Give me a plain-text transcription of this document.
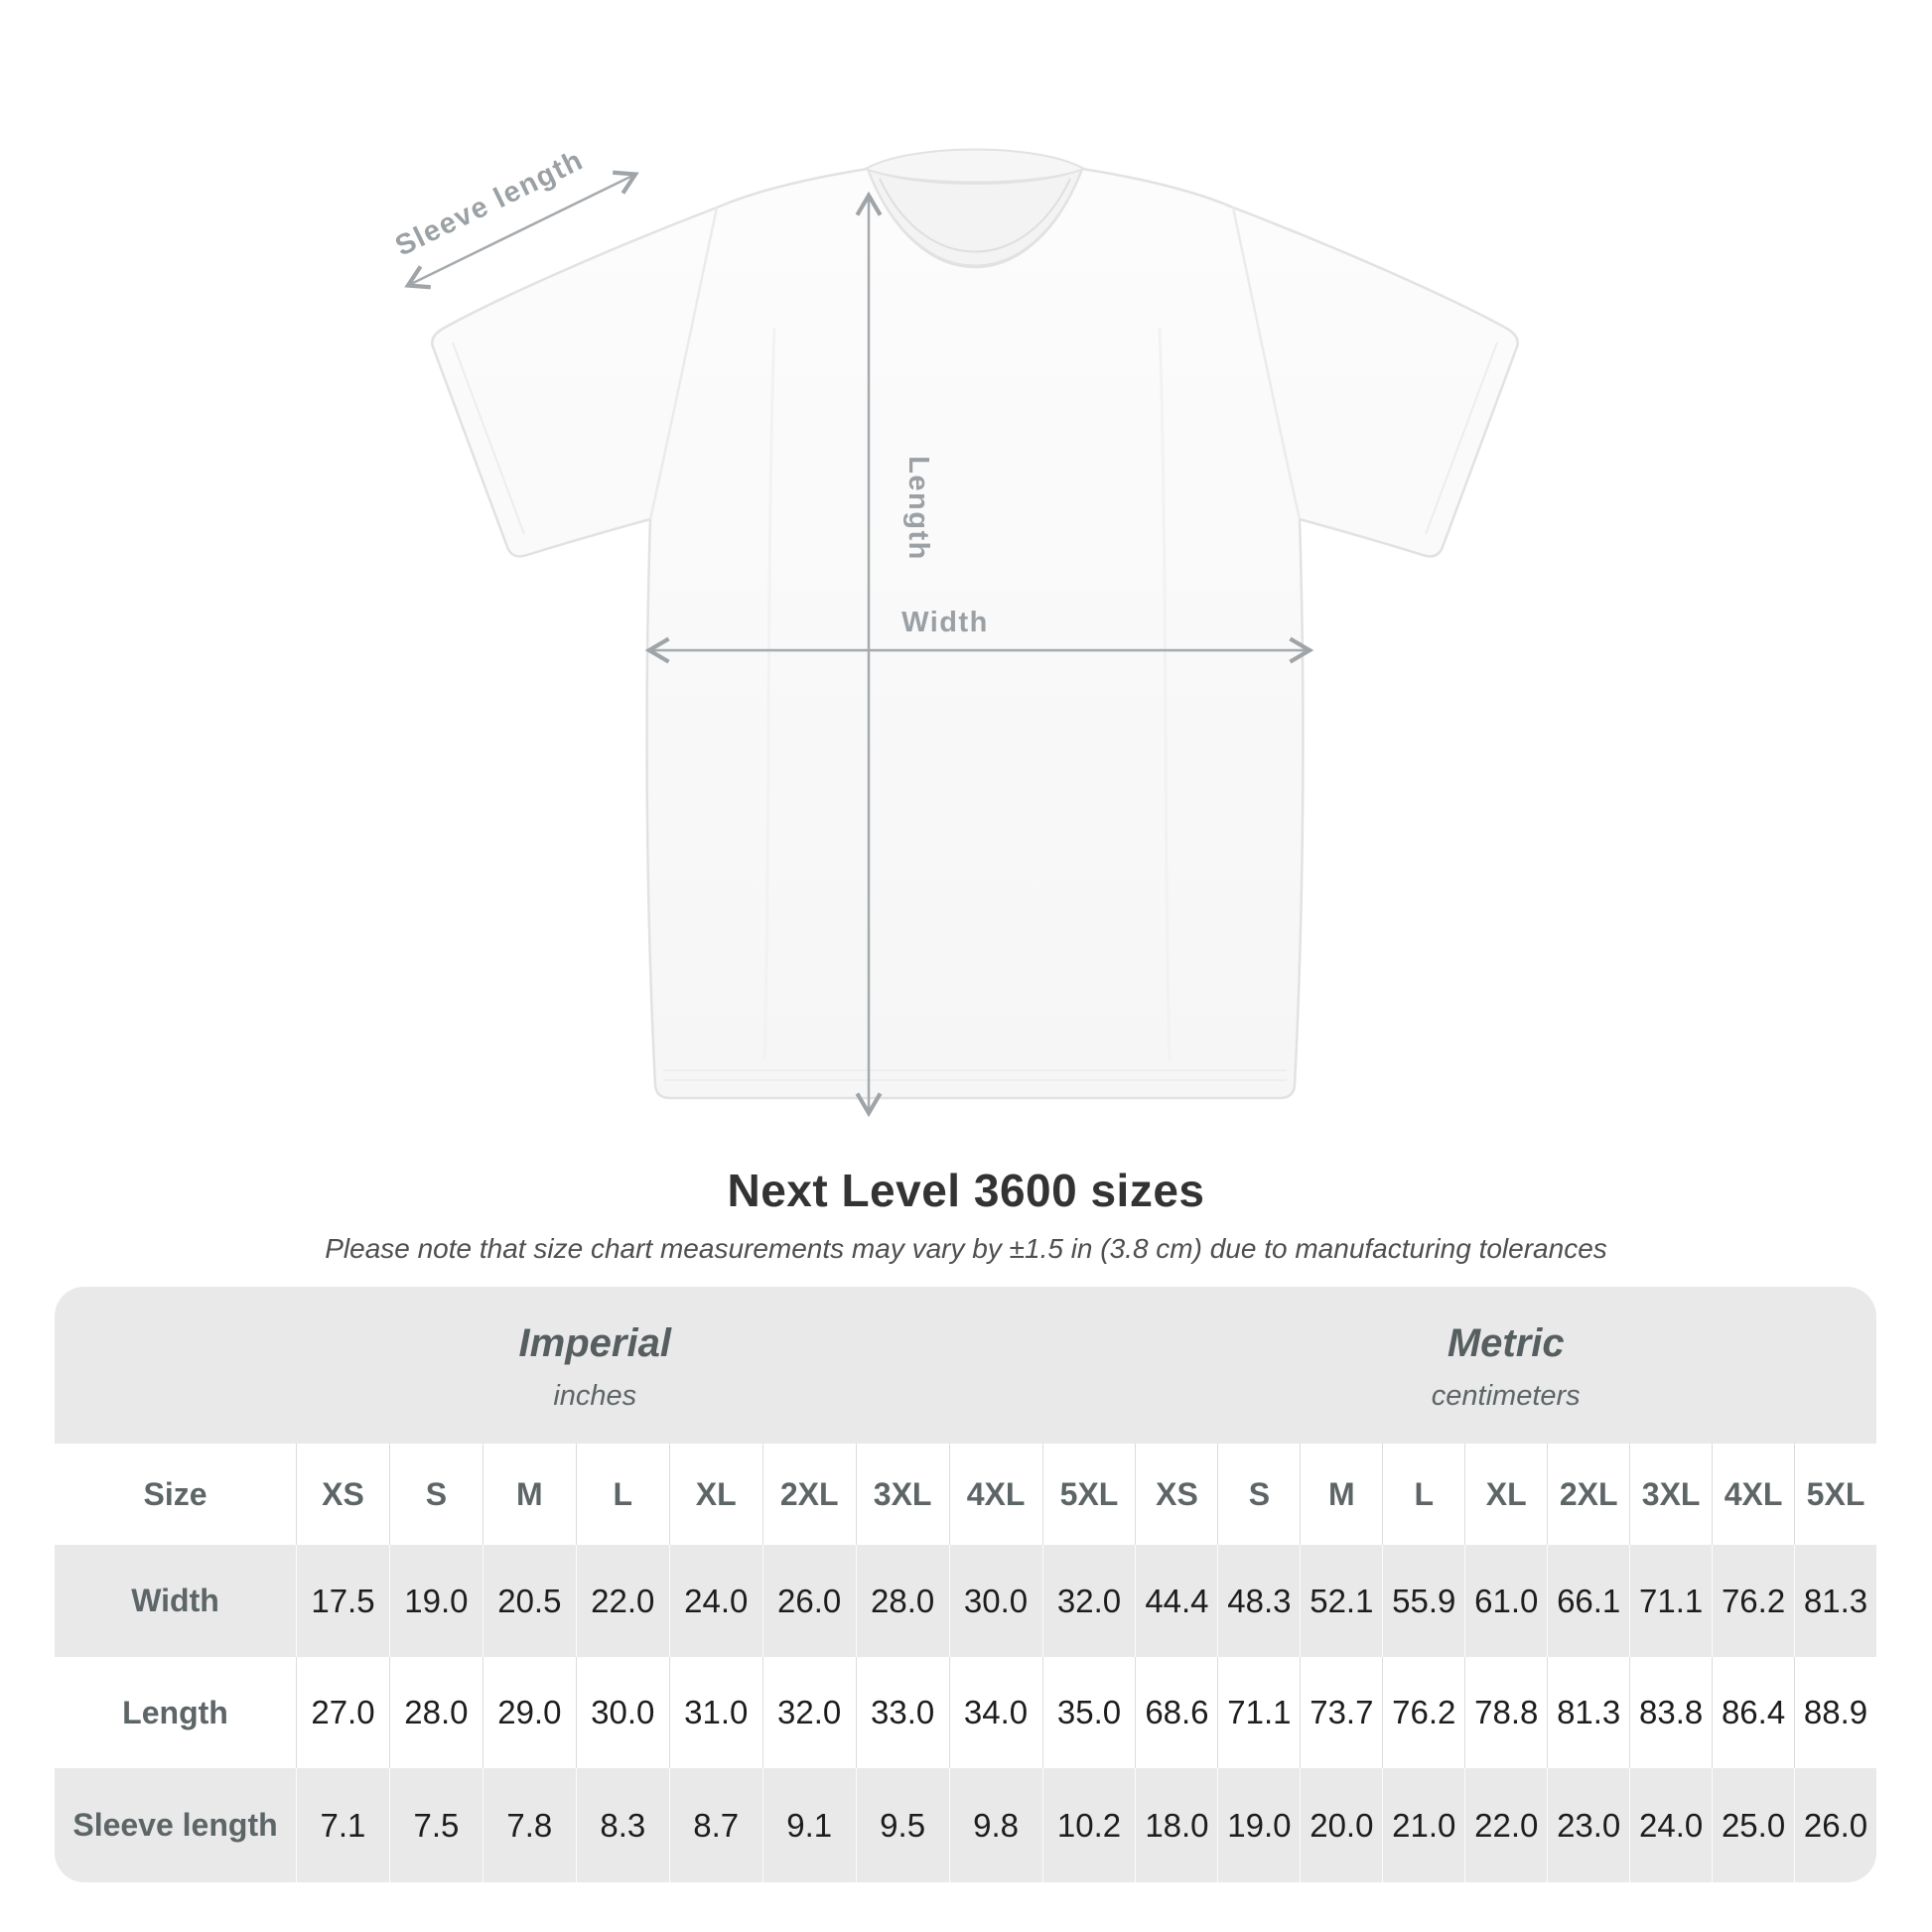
Sleeve length
Length
Width
Next Level 3600 sizes

Please note that size chart measurements may vary by ±1.5 in (3.8 cm) due to manufacturing tolerances

Imperial
inches
Metric
centimeters
Size	XS	S	M	L	XL	2XL	3XL	4XL	5XL	XS	S	M	L	XL	2XL 3XL 4XL 5XL
Width	17.5 19.0 20.5 22.0 24.0 26.0 28.0 30.0 32.0 44.4 48.3 52.1 55.9 61.0 66.1 71.1 76.2 81.3
Length	27.0 28.0 29.0 30.0 31.0 32.0 33.0 34.0 35.0 68.6 71.1 73.7 76.2 78.8 81.3 83.8 86.4 88.9
Sleeve length	7.1	7.5	7.8	8.3	8.7	9.1	9.5	9.8	10.2 18.0 19.0 20.0 21.0 22.0 23.0 24.0 25.0 26.0
